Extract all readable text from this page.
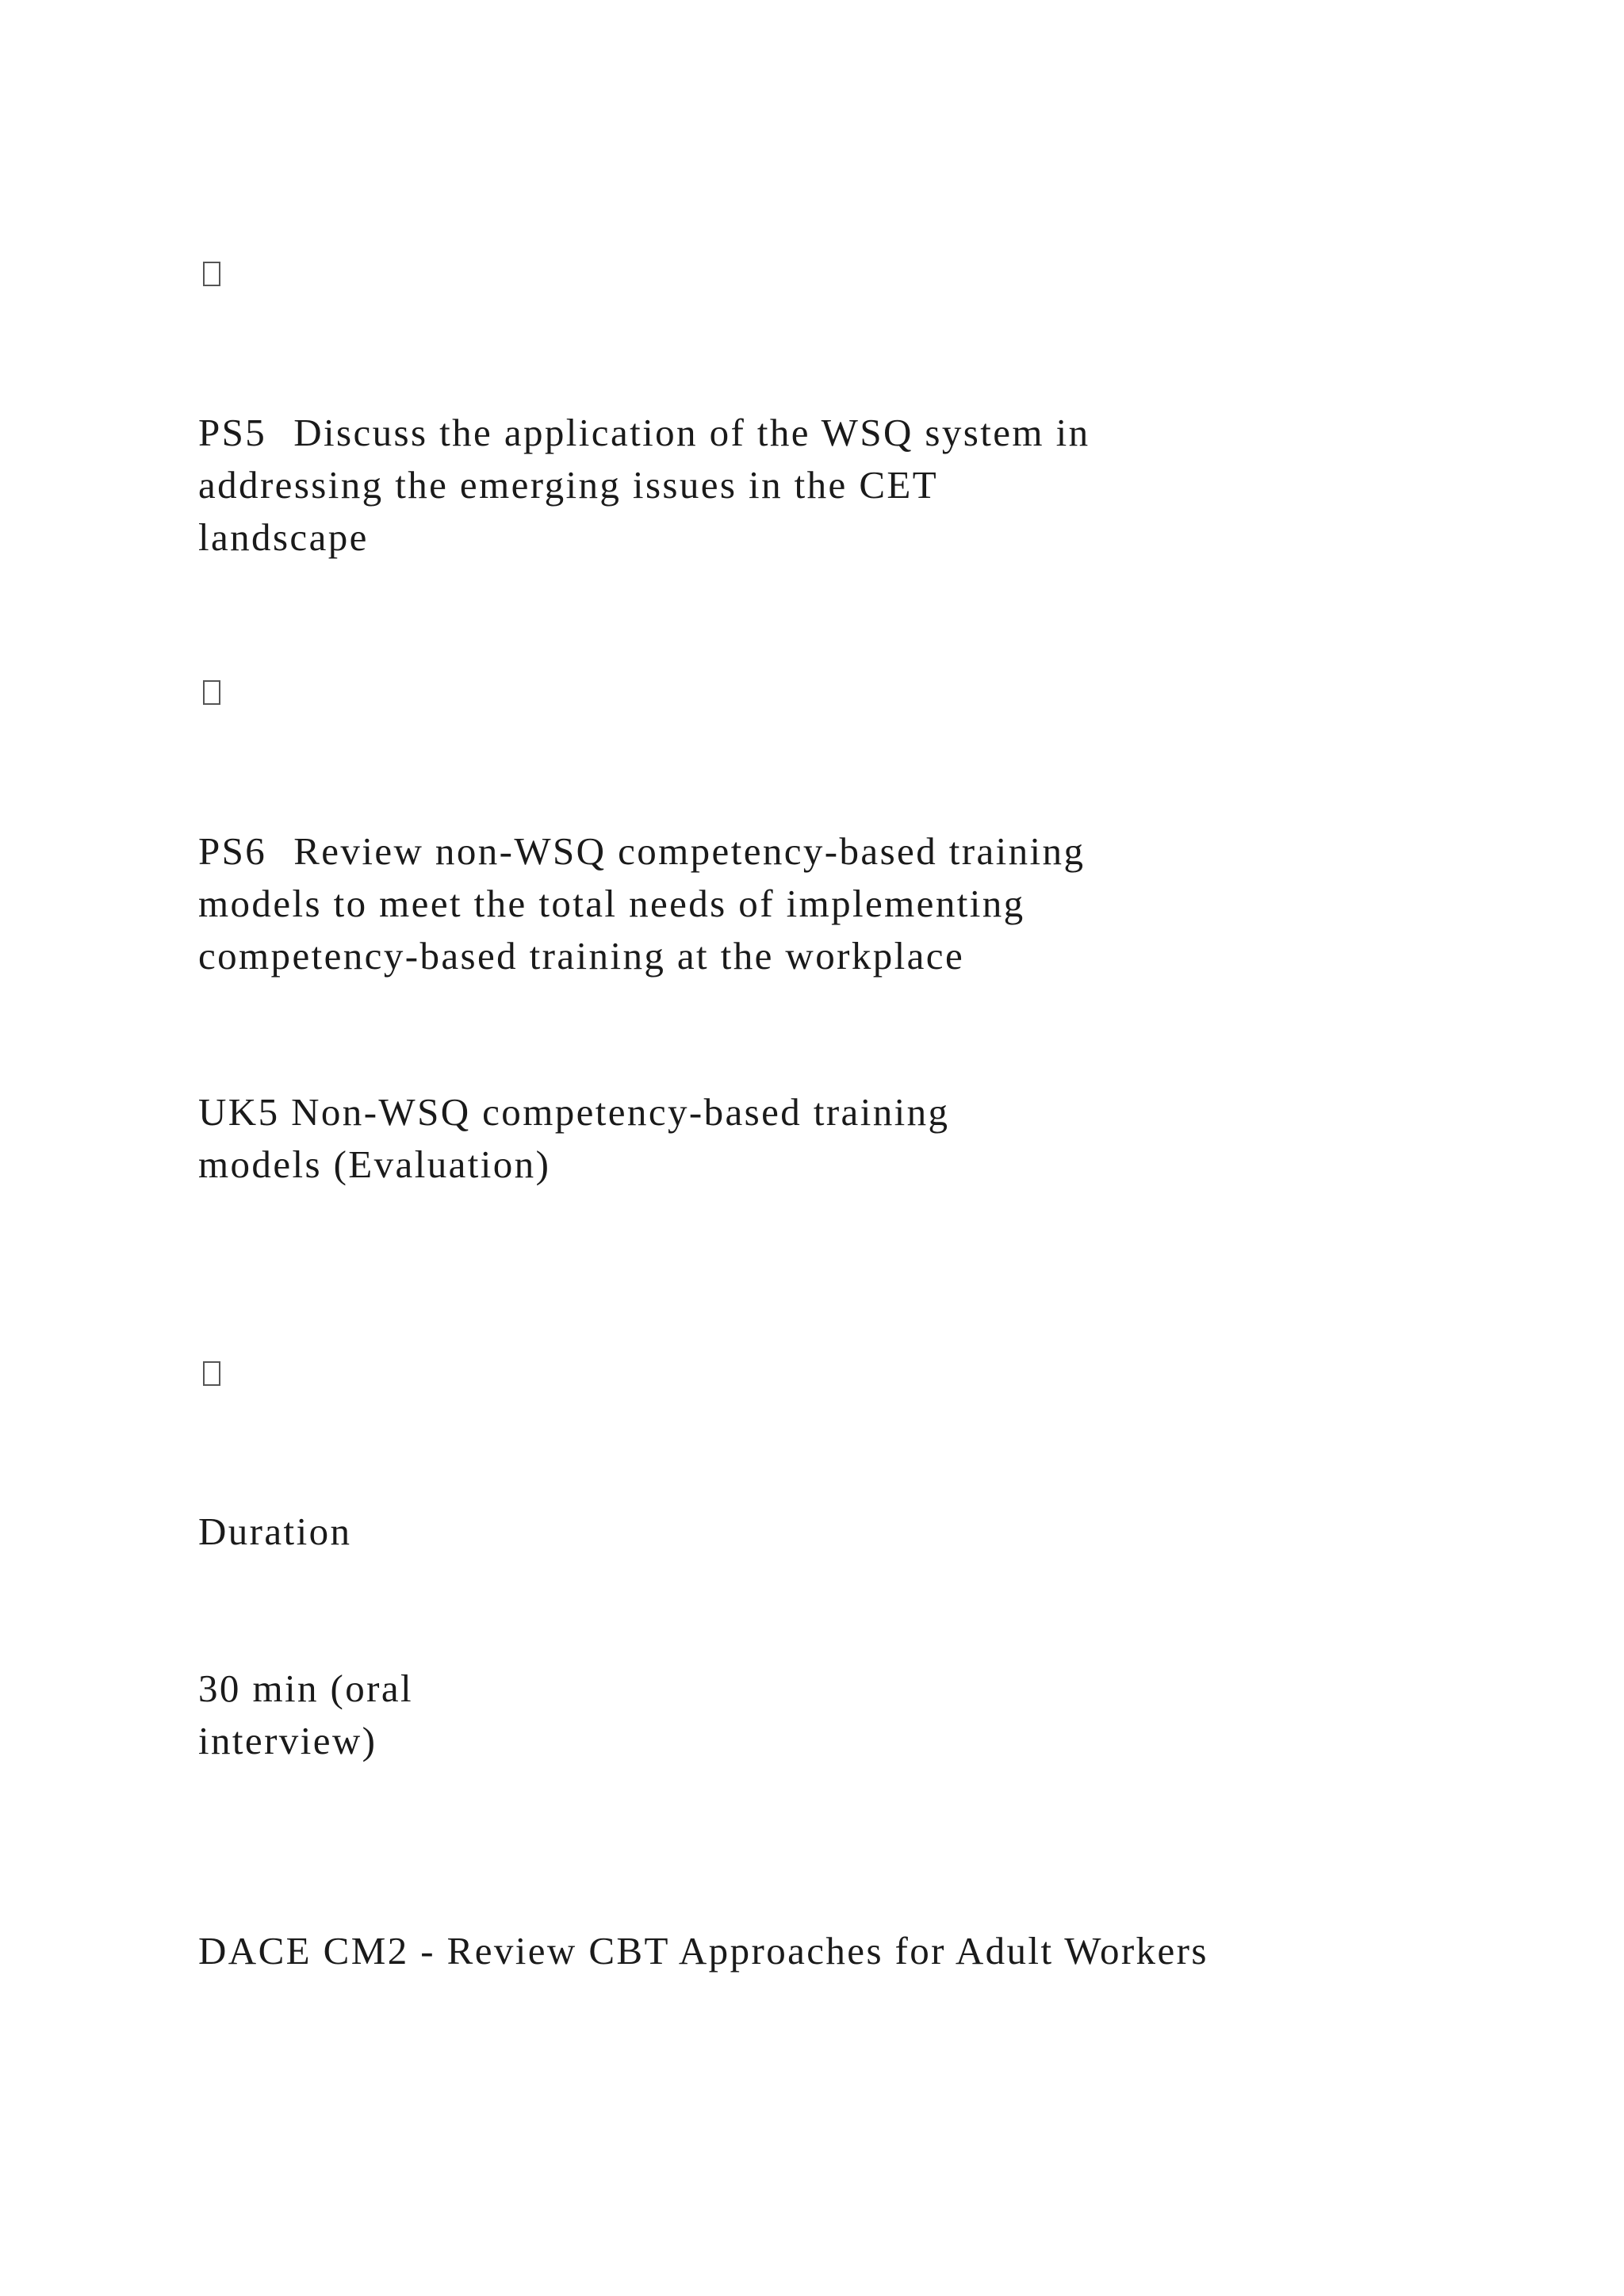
PS5 Discuss the application of the WSQ system in
addressing the emerging issues in the CET
landscape
PS6 Review non-WSQ competency-based training
models to meet the total needs of implementing
competency-based training at the workplace
UK5 Non-WSQ competency-based training
models (Evaluation)
Duration
30 min (oral
interview)
DACE CM2 - Review CBT Approaches for Adult Workers
